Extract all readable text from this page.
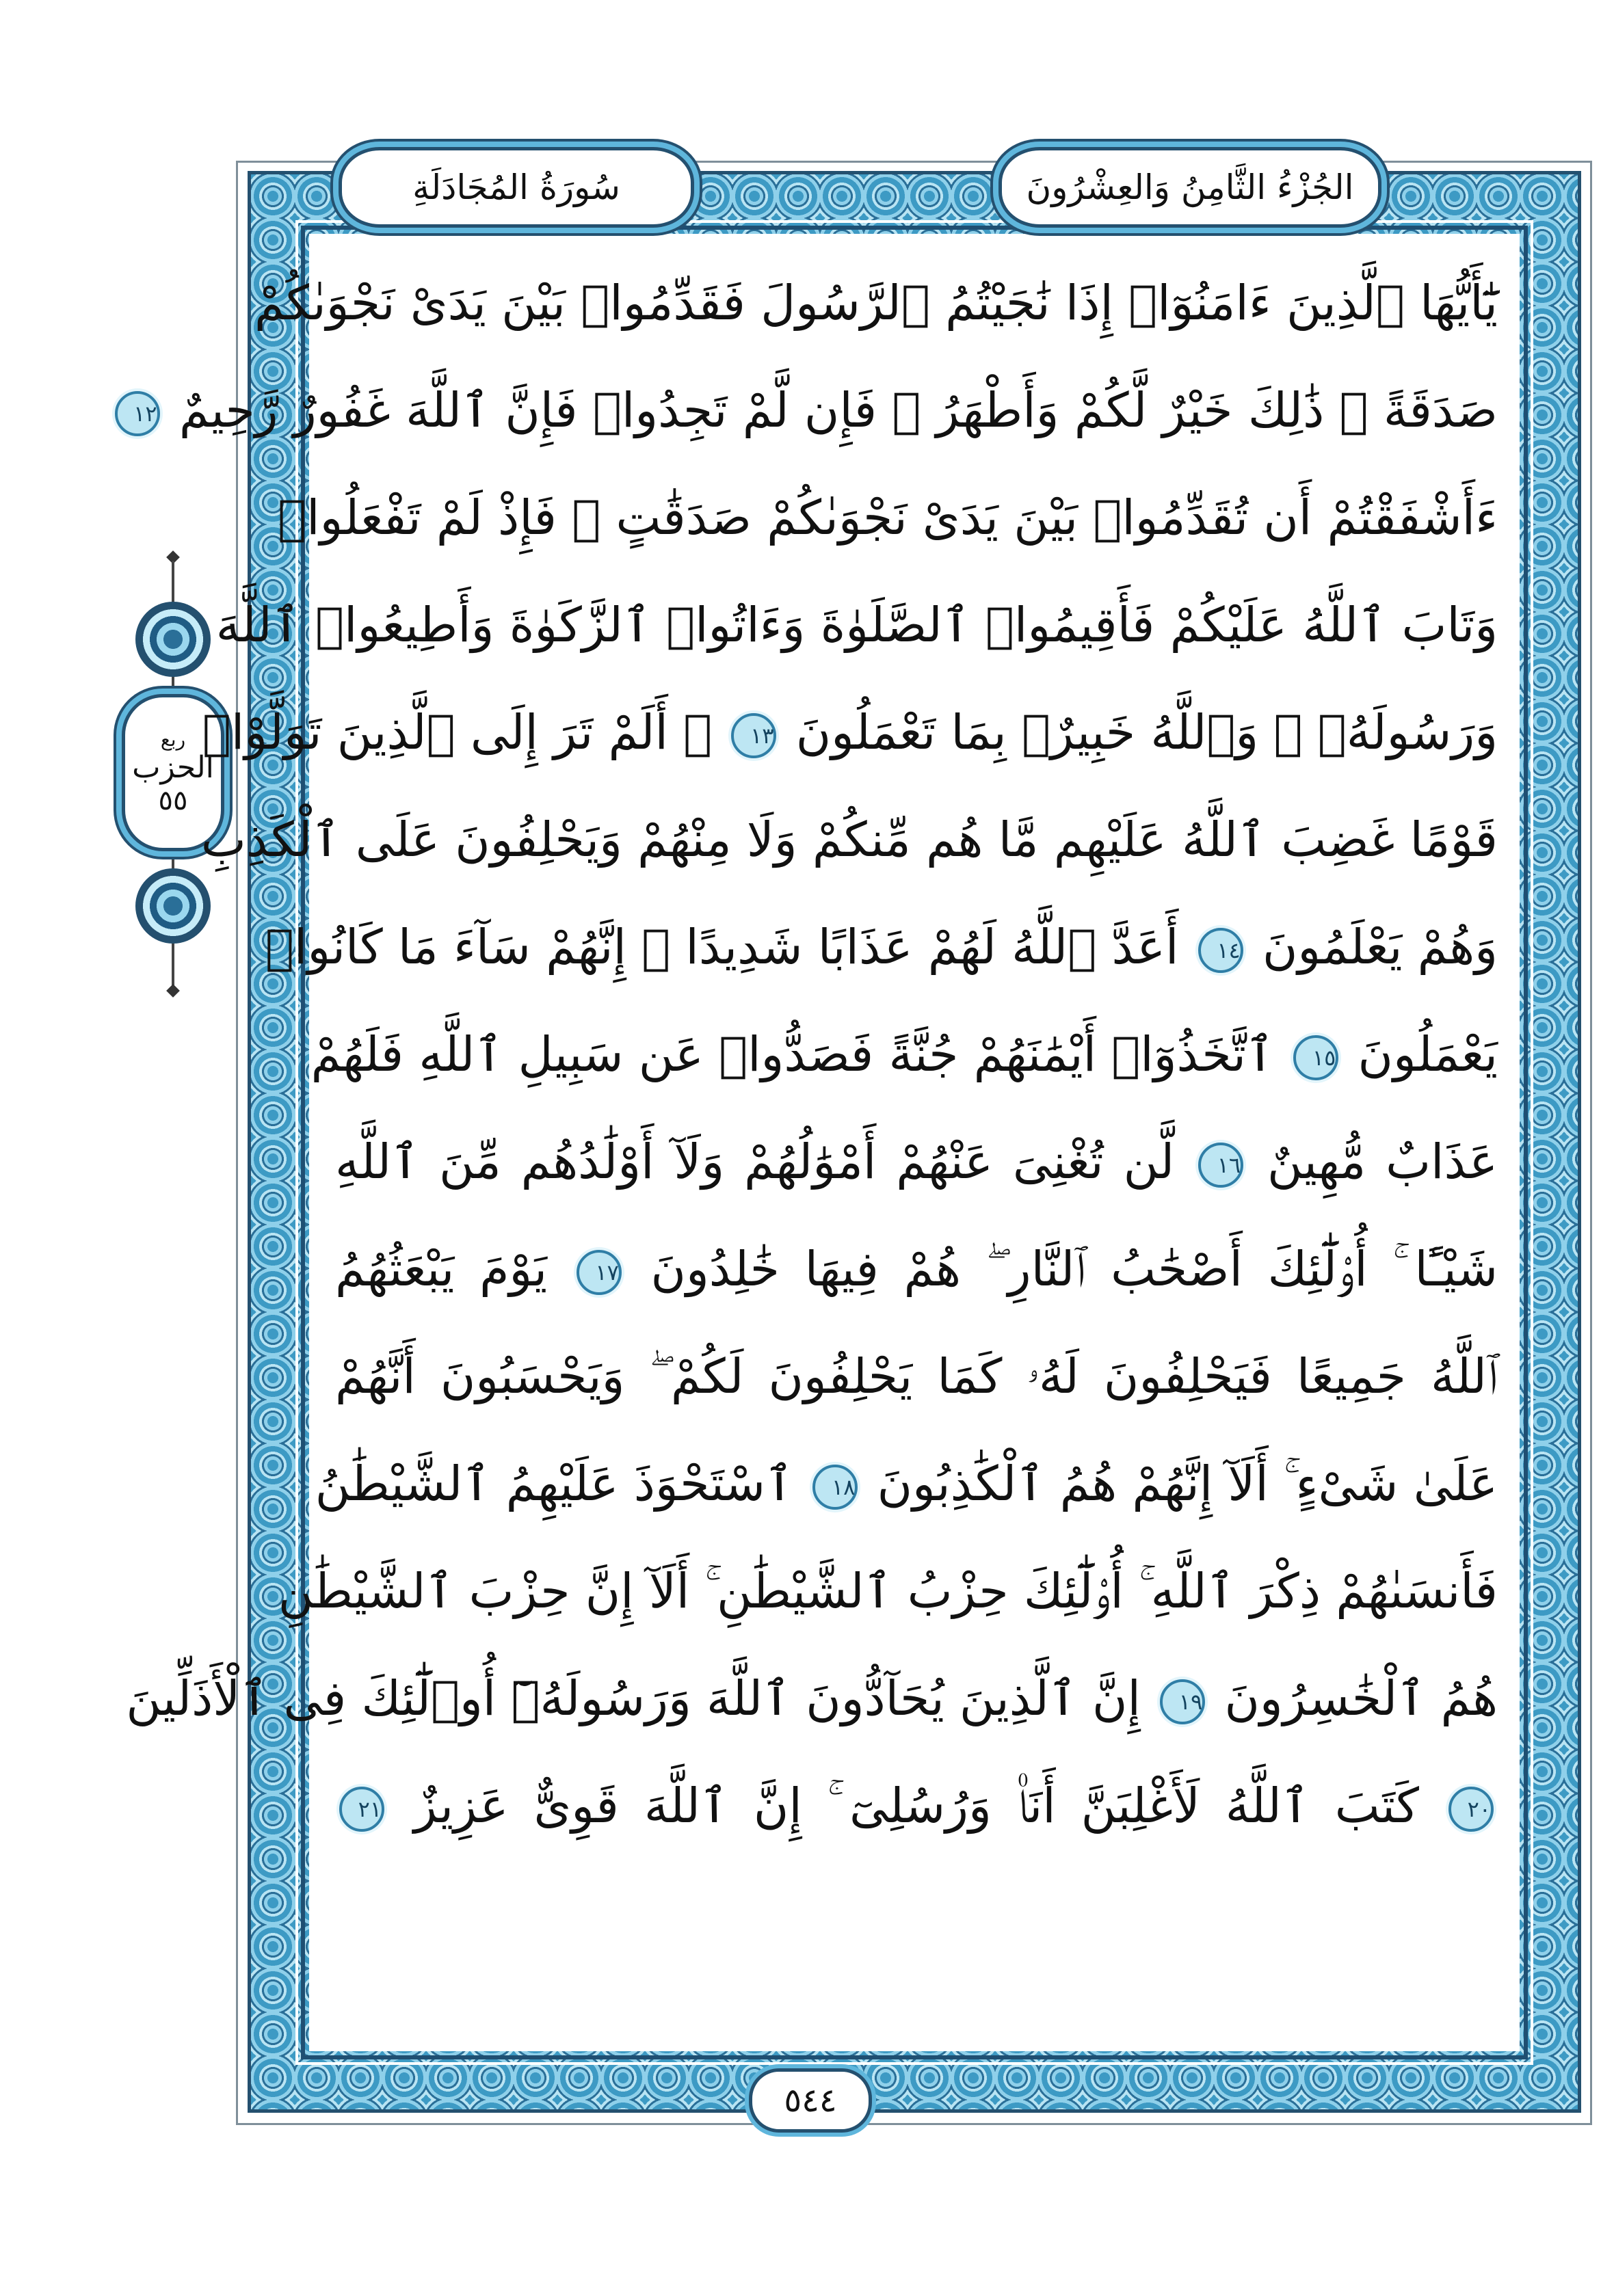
الجُزْءُ الثَّامِنُ وَالعِشْرُونَ
سُورَةُ المُجَادَلَةِ
ربع
الحزب
٥٥
يَٰٓأَيُّهَا ٱلَّذِينَ ءَامَنُوٓا۟ إِذَا نَٰجَيْتُمُ ٱلرَّسُولَ فَقَدِّمُوا۟ بَيْنَ يَدَىْ نَجْوَىٰكُمْ
صَدَقَةً ۚ ذَٰلِكَ خَيْرٌ لَّكُمْ وَأَطْهَرُ ۚ فَإِن لَّمْ تَجِدُوا۟ فَإِنَّ ٱللَّهَ غَفُورٌ رَّحِيمٌ ١٢
ءَأَشْفَقْتُمْ أَن تُقَدِّمُوا۟ بَيْنَ يَدَىْ نَجْوَىٰكُمْ صَدَقَٰتٍ ۚ فَإِذْ لَمْ تَفْعَلُوا۟
وَتَابَ ٱللَّهُ عَلَيْكُمْ فَأَقِيمُوا۟ ٱلصَّلَوٰةَ وَءَاتُوا۟ ٱلزَّكَوٰةَ وَأَطِيعُوا۟ ٱللَّهَ
وَرَسُولَهُۥ ۚ وَٱللَّهُ خَبِيرٌۢ بِمَا تَعْمَلُونَ ١٣ ۞ أَلَمْ تَرَ إِلَى ٱلَّذِينَ تَوَلَّوْا۟
قَوْمًا غَضِبَ ٱللَّهُ عَلَيْهِم مَّا هُم مِّنكُمْ وَلَا مِنْهُمْ وَيَحْلِفُونَ عَلَى ٱلْكَذِبِ
وَهُمْ يَعْلَمُونَ ١٤ أَعَدَّ ٱللَّهُ لَهُمْ عَذَابًا شَدِيدًا ۖ إِنَّهُمْ سَآءَ مَا كَانُوا۟
يَعْمَلُونَ ١٥ ٱتَّخَذُوٓا۟ أَيْمَٰنَهُمْ جُنَّةً فَصَدُّوا۟ عَن سَبِيلِ ٱللَّهِ فَلَهُمْ
عَذَابٌ مُّهِينٌ ١٦ لَّن تُغْنِىَ عَنْهُمْ أَمْوَٰلُهُمْ وَلَآ أَوْلَٰدُهُم مِّنَ ٱللَّهِ
شَيْـًٔا ۚ أُو۟لَٰٓئِكَ أَصْحَٰبُ ٱلنَّارِ ۖ هُمْ فِيهَا خَٰلِدُونَ ١٧ يَوْمَ يَبْعَثُهُمُ
ٱللَّهُ جَمِيعًا فَيَحْلِفُونَ لَهُۥ كَمَا يَحْلِفُونَ لَكُمْ ۖ وَيَحْسَبُونَ أَنَّهُمْ
عَلَىٰ شَىْءٍ ۚ أَلَآ إِنَّهُمْ هُمُ ٱلْكَٰذِبُونَ ١٨ ٱسْتَحْوَذَ عَلَيْهِمُ ٱلشَّيْطَٰنُ
فَأَنسَىٰهُمْ ذِكْرَ ٱللَّهِ ۚ أُو۟لَٰٓئِكَ حِزْبُ ٱلشَّيْطَٰنِ ۚ أَلَآ إِنَّ حِزْبَ ٱلشَّيْطَٰنِ
هُمُ ٱلْخَٰسِرُونَ ١٩ إِنَّ ٱلَّذِينَ يُحَآدُّونَ ٱللَّهَ وَرَسُولَهُۥٓ أُو۟لَٰٓئِكَ فِى ٱلْأَذَلِّينَ
٢٠ كَتَبَ ٱللَّهُ لَأَغْلِبَنَّ أَنَا۠ وَرُسُلِىٓ ۚ إِنَّ ٱللَّهَ قَوِىٌّ عَزِيزٌ ٢١
٥٤٤
